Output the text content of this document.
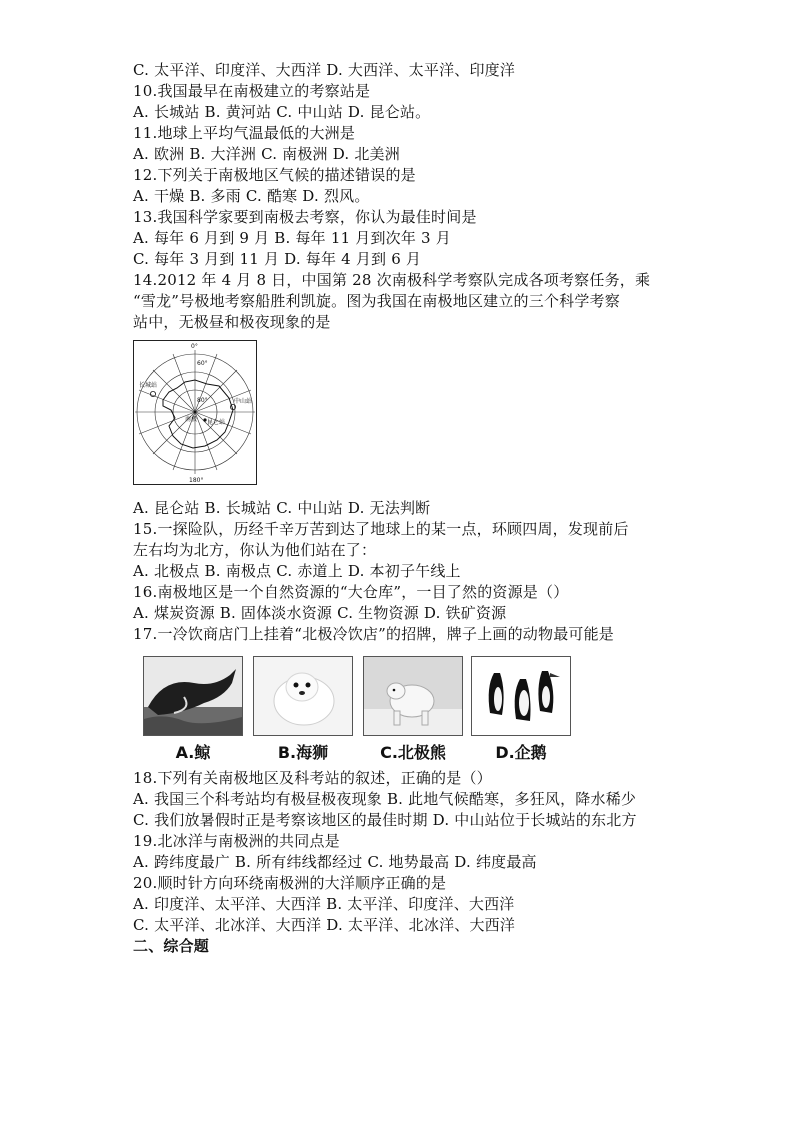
C. 太平洋、印度洋、大西洋 D. 大西洋、太平洋、印度洋
10.我国最早在南极建立的考察站是
A. 长城站 B. 黄河站 C. 中山站 D. 昆仑站。
11.地球上平均气温最低的大洲是
A. 欧洲 B. 大洋洲 C. 南极洲 D. 北美洲
12.下列关于南极地区气候的描述错误的是
A. 干燥 B. 多雨 C. 酷寒 D. 烈风。
13.我国科学家要到南极去考察，你认为最佳时间是
A. 每年 6 月到 9 月 B. 每年 11 月到次年 3 月
C. 每年 3 月到 11 月 D. 每年 4 月到 6 月
14.2012 年 4 月 8 日，中国第 28 次南极科学考察队完成各项考察任务，乘
“雪龙”号极地考察船胜利凯旋。图为我国在南极地区建立的三个科学考察
站中，无极昼和极夜现象的是
0°
180°
60°
80°
南极
长城站
中山站
昆仑站
A. 昆仑站 B. 长城站 C. 中山站 D. 无法判断
15.一探险队，历经千辛万苦到达了地球上的某一点，环顾四周，发现前后
左右均为北方，你认为他们站在了：
A. 北极点 B. 南极点 C. 赤道上 D. 本初子午线上
16.南极地区是一个自然资源的“大仓库”，一目了然的资源是（）
A. 煤炭资源 B. 固体淡水资源 C. 生物资源 D. 铁矿资源
17.一冷饮商店门上挂着“北极冷饮店”的招牌，牌子上画的动物最可能是
A.鲸	B.海狮	C.北极熊	D.企鹅
18.下列有关南极地区及科考站的叙述，正确的是（）
A. 我国三个科考站均有极昼极夜现象 B. 此地气候酷寒，多狂风，降水稀少
C. 我们放暑假时正是考察该地区的最佳时期 D. 中山站位于长城站的东北方
19.北冰洋与南极洲的共同点是
A. 跨纬度最广 B. 所有纬线都经过 C. 地势最高 D. 纬度最高
20.顺时针方向环绕南极洲的大洋顺序正确的是
A. 印度洋、太平洋、大西洋 B. 太平洋、印度洋、大西洋
C. 太平洋、北冰洋、大西洋 D. 太平洋、北冰洋、大西洋
二、综合题
